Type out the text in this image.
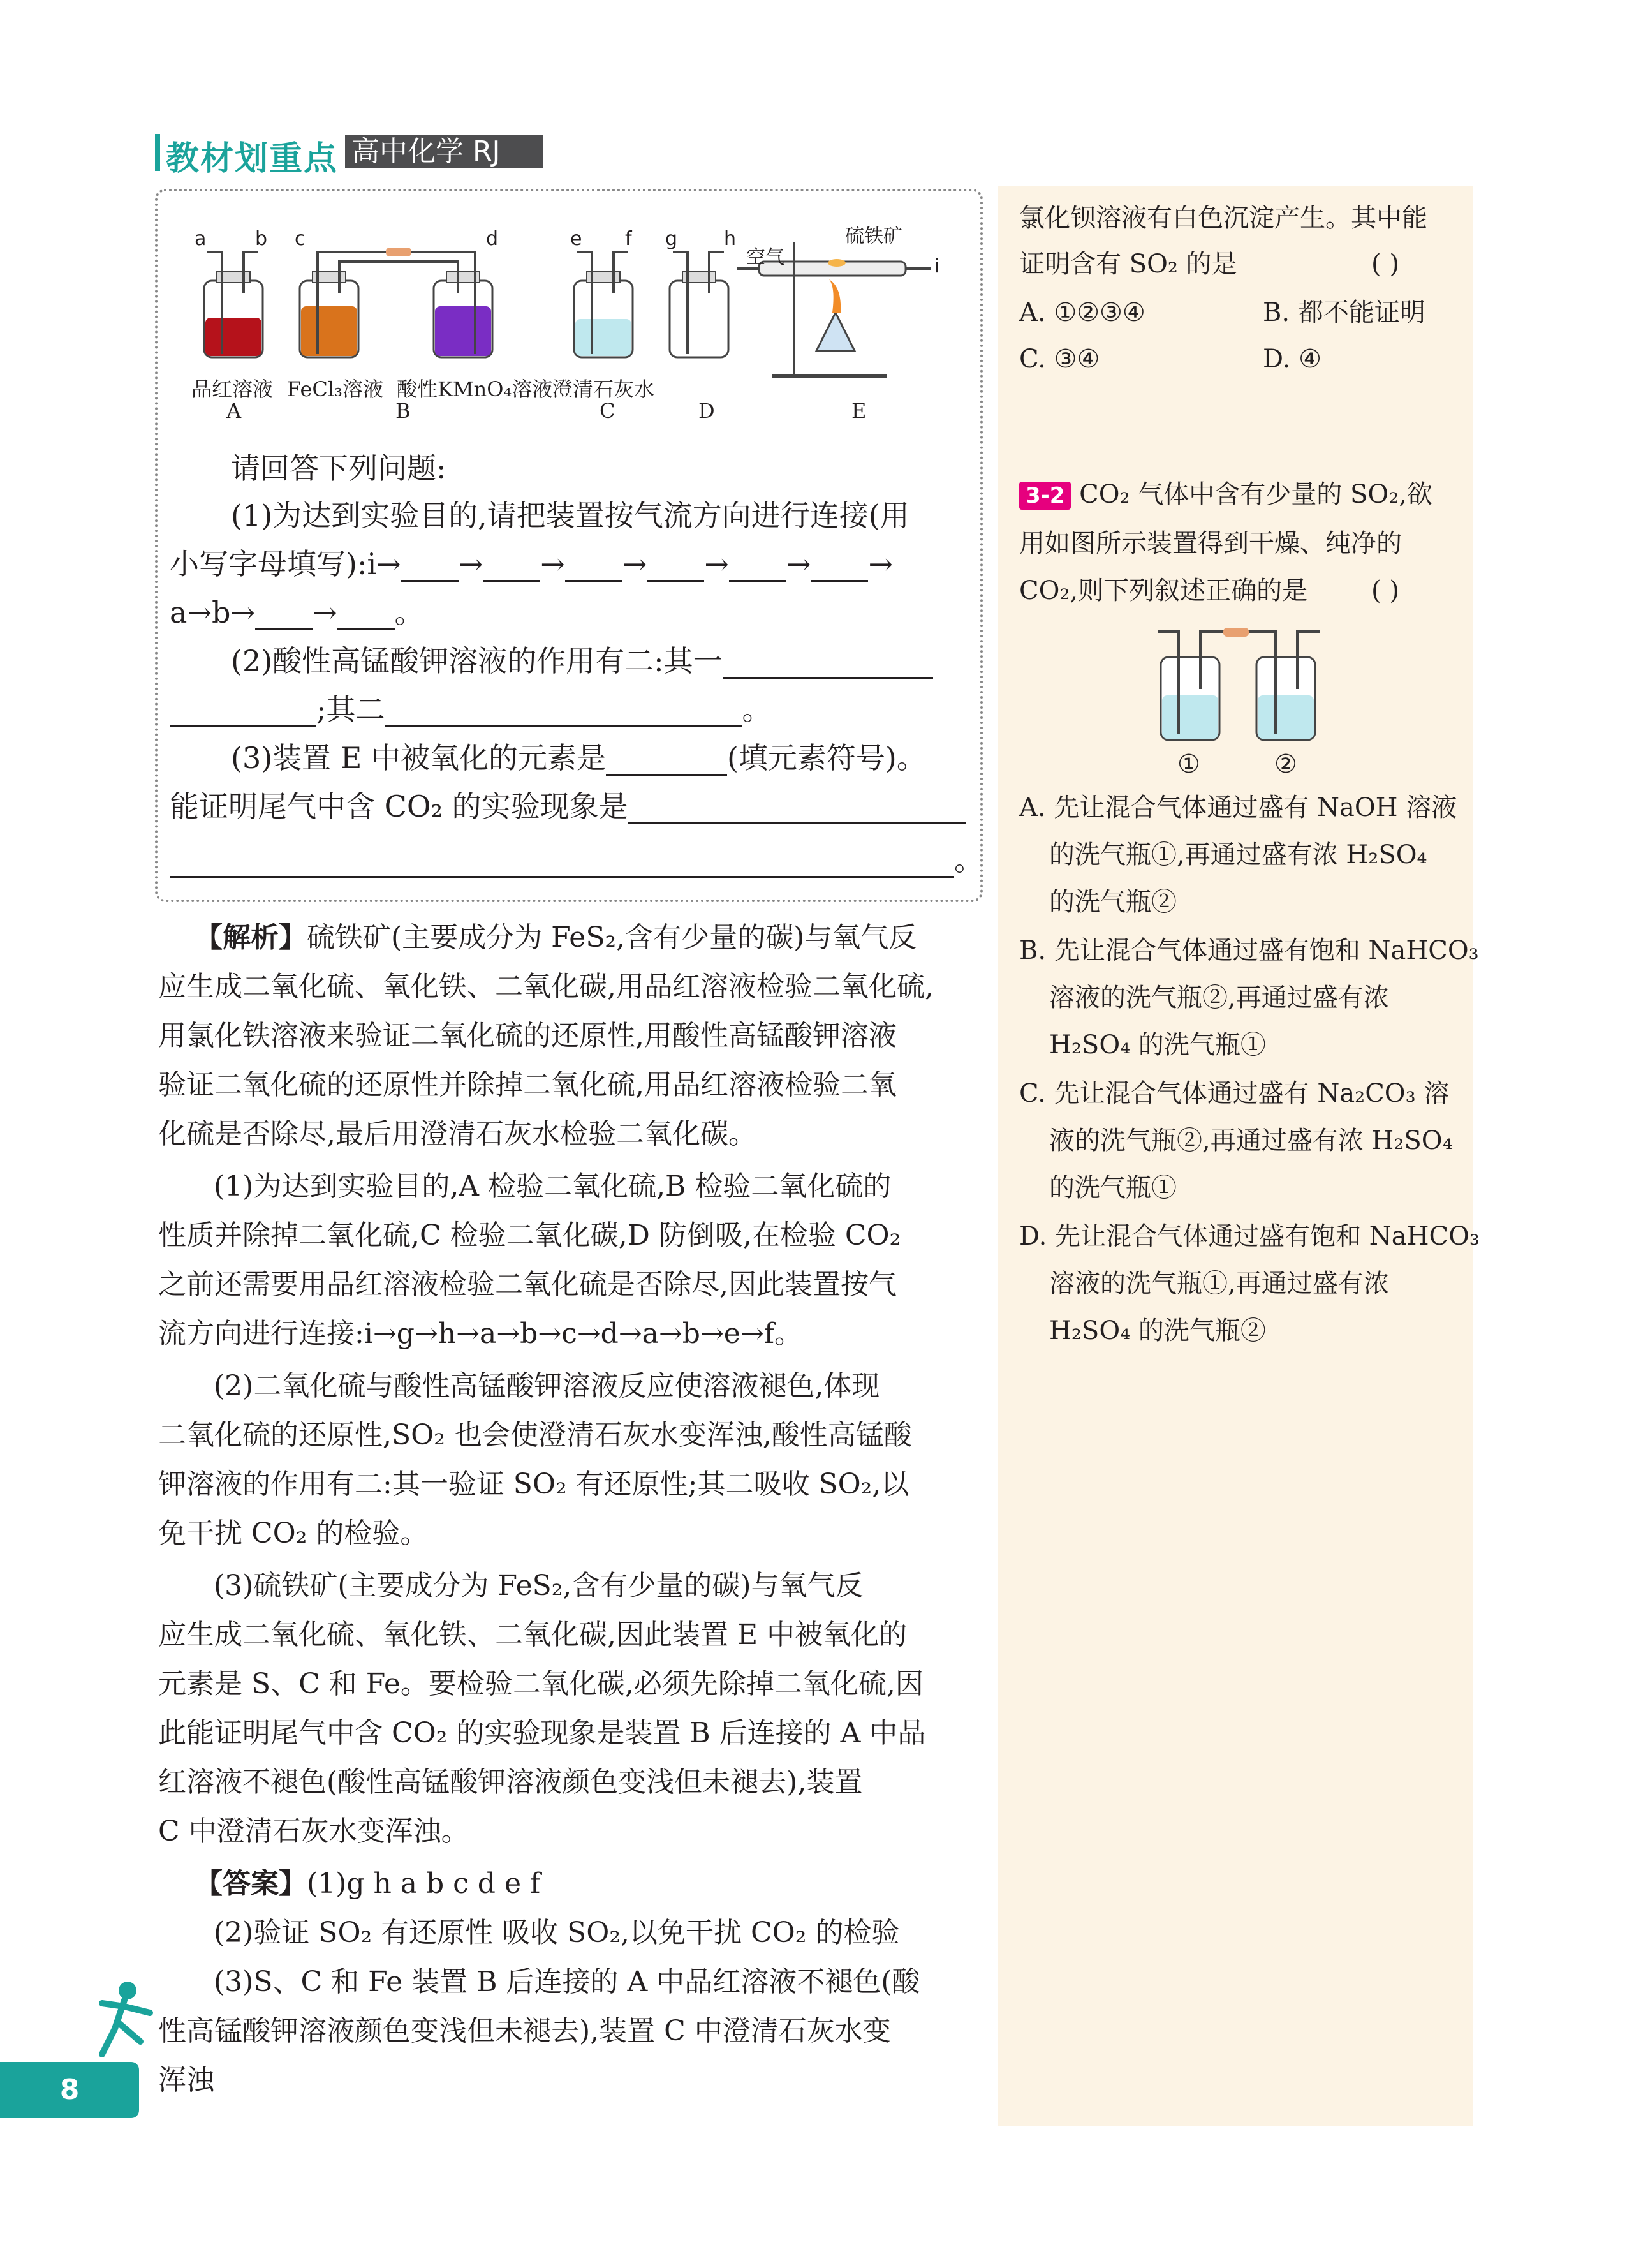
教材划重点 高中化学 RJ
a	b c	d	e f g h
空气
硫铁矿
i
品红溶液 FeCl₃溶液 酸性KMnO₄溶液 澄清石灰水
A	B	C	D	E
请回答下列问题:
(1)为达到实验目的,请把装置按气流方向进行连接(用
小写字母填写):i→ → → → → → →
a→b→ → 。
(2)酸性高锰酸钾溶液的作用有二:其一
;其二	。
(3)装置 E 中被氧化的元素是	(填元素符号)。
能证明尾气中含 CO₂ 的实验现象是
。
【解析】硫铁矿(主要成分为 FeS₂,含有少量的碳)与氧气反
应生成二氧化硫、氧化铁、二氧化碳,用品红溶液检验二氧化硫,
用氯化铁溶液来验证二氧化硫的还原性,用酸性高锰酸钾溶液
验证二氧化硫的还原性并除掉二氧化硫,用品红溶液检验二氧
化硫是否除尽,最后用澄清石灰水检验二氧化碳。
(1)为达到实验目的,A 检验二氧化硫,B 检验二氧化硫的
性质并除掉二氧化硫,C 检验二氧化碳,D 防倒吸,在检验 CO₂
之前还需要用品红溶液检验二氧化硫是否除尽,因此装置按气
流方向进行连接:i→g→h→a→b→c→d→a→b→e→f。
(2)二氧化硫与酸性高锰酸钾溶液反应使溶液褪色,体现
二氧化硫的还原性,SO₂ 也会使澄清石灰水变浑浊,酸性高锰酸
钾溶液的作用有二:其一验证 SO₂ 有还原性;其二吸收 SO₂,以
免干扰 CO₂ 的检验。
(3)硫铁矿(主要成分为 FeS₂,含有少量的碳)与氧气反
应生成二氧化硫、氧化铁、二氧化碳,因此装置 E 中被氧化的
元素是 S、C 和 Fe。要检验二氧化碳,必须先除掉二氧化硫,因
此能证明尾气中含 CO₂ 的实验现象是装置 B 后连接的 A 中品
红溶液不褪色(酸性高锰酸钾溶液颜色变浅但未褪去),装置
C 中澄清石灰水变浑浊。
【答案】(1)g h a b c d e f
(2)验证 SO₂ 有还原性 吸收 SO₂,以免干扰 CO₂ 的检验
(3)S、C 和 Fe 装置 B 后连接的 A 中品红溶液不褪色(酸
性高锰酸钾溶液颜色变浅但未褪去),装置 C 中澄清石灰水变
浑浊
氯化钡溶液有白色沉淀产生。其中能
证明含有 SO₂ 的是	( )
A. ①②③④	B. 都不能证明
C. ③④	D. ④
3-2 CO₂ 气体中含有少量的 SO₂,欲
用如图所示装置得到干燥、纯净的
CO₂,则下列叙述正确的是 ( )
①	②
A. 先让混合气体通过盛有 NaOH 溶液
的洗气瓶①,再通过盛有浓 H₂SO₄
的洗气瓶②
B. 先让混合气体通过盛有饱和 NaHCO₃
溶液的洗气瓶②,再通过盛有浓
H₂SO₄ 的洗气瓶①
C. 先让混合气体通过盛有 Na₂CO₃ 溶
液的洗气瓶②,再通过盛有浓 H₂SO₄
的洗气瓶①
D. 先让混合气体通过盛有饱和 NaHCO₃
溶液的洗气瓶①,再通过盛有浓
H₂SO₄ 的洗气瓶②
8
